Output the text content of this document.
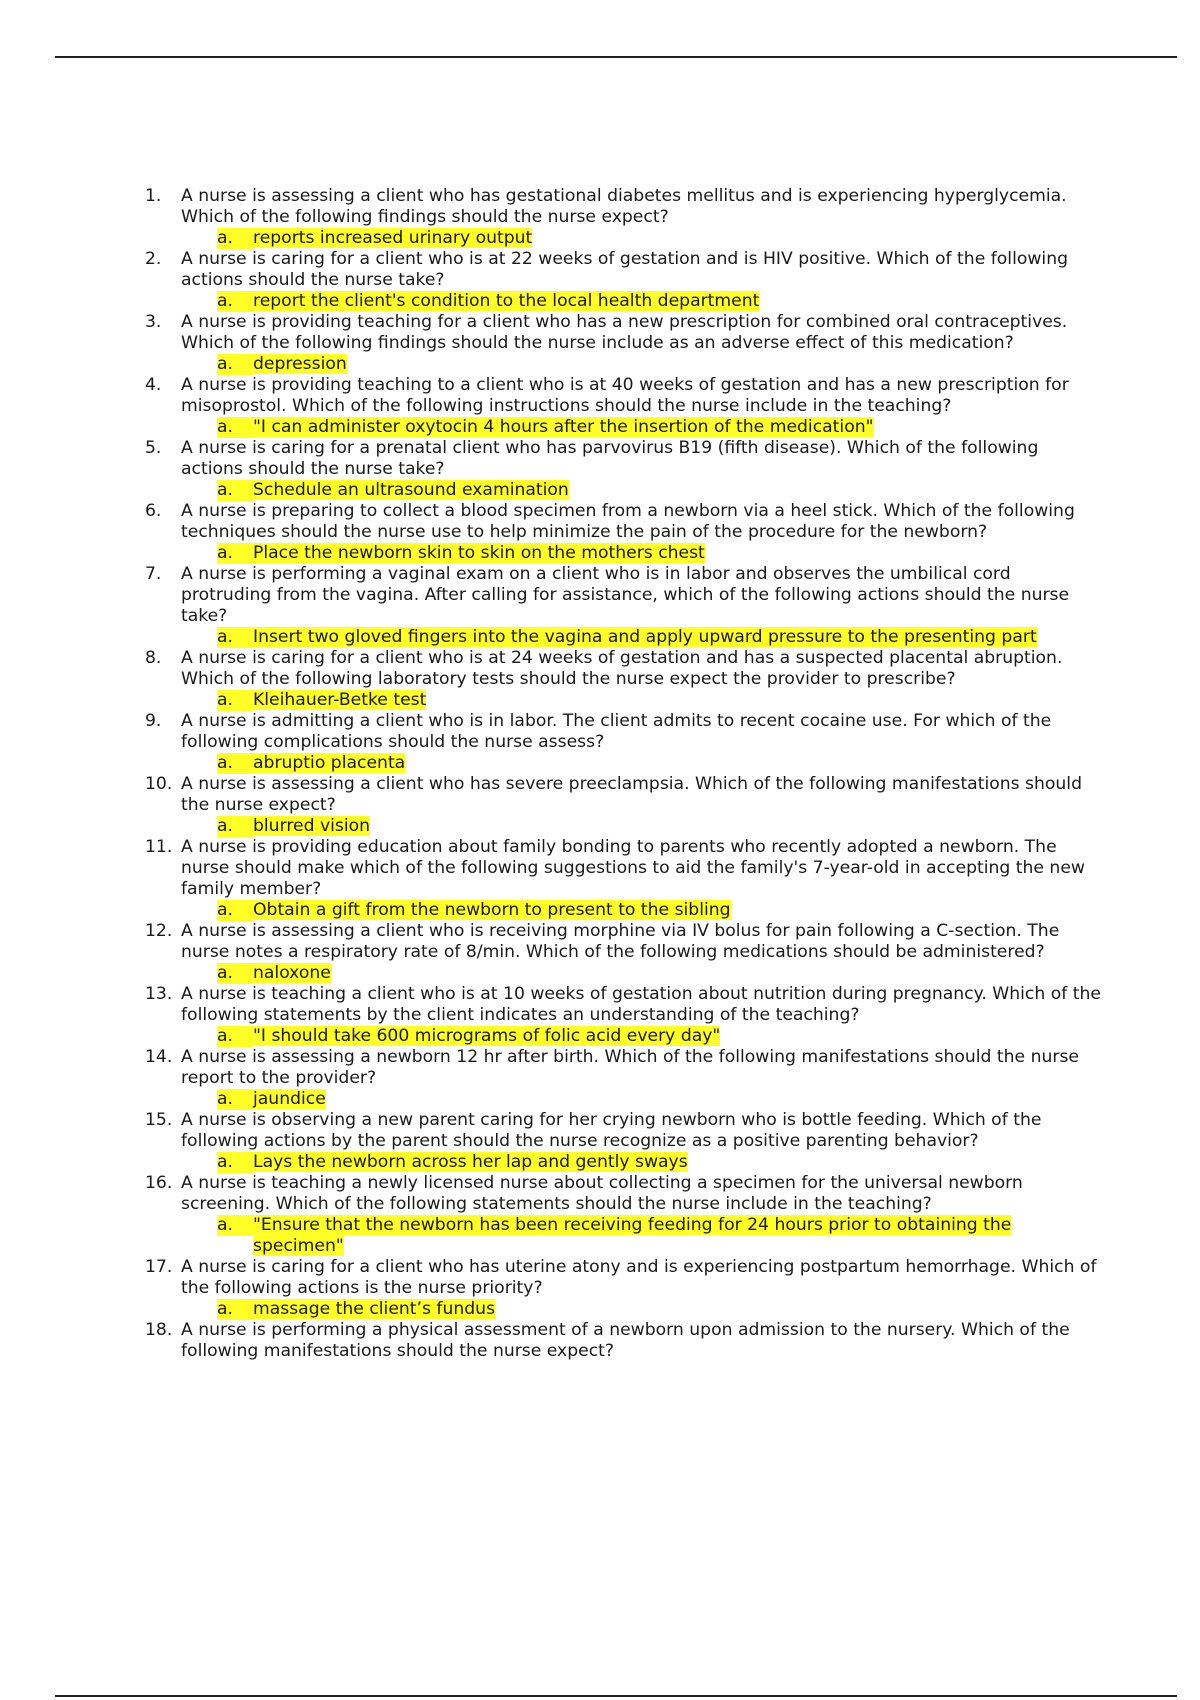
1.	A nurse is assessing a client who has gestational diabetes mellitus and is experiencing hyperglycemia. Which of the following findings should the nurse expect?
a.	reports increased urinary output
2.	A nurse is caring for a client who is at 22 weeks of gestation and is HIV positive. Which of the following actions should the nurse take?
a.	report the client's condition to the local health department
3.	A nurse is providing teaching for a client who has a new prescription for combined oral contraceptives. Which of the following findings should the nurse include as an adverse effect of this medication?
a.	depression
4.	A nurse is providing teaching to a client who is at 40 weeks of gestation and has a new prescription for misoprostol. Which of the following instructions should the nurse include in the teaching?
a.	"I can administer oxytocin 4 hours after the insertion of the medication"
5.	A nurse is caring for a prenatal client who has parvovirus B19 (fifth disease). Which of the following actions should the nurse take?
a.	Schedule an ultrasound examination
6.	A nurse is preparing to collect a blood specimen from a newborn via a heel stick. Which of the following techniques should the nurse use to help minimize the pain of the procedure for the newborn?
a.	Place the newborn skin to skin on the mothers chest
7.	A nurse is performing a vaginal exam on a client who is in labor and observes the umbilical cord protruding from the vagina. After calling for assistance, which of the following actions should the nurse take?
a.	Insert two gloved fingers into the vagina and apply upward pressure to the presenting part
8.	A nurse is caring for a client who is at 24 weeks of gestation and has a suspected placental abruption. Which of the following laboratory tests should the nurse expect the provider to prescribe?
a.	Kleihauer-Betke test
9.	A nurse is admitting a client who is in labor. The client admits to recent cocaine use. For which of the following complications should the nurse assess?
a.	abruptio placenta
10. A nurse is assessing a client who has severe preeclampsia. Which of the following manifestations should the nurse expect?
a.	blurred vision
11. A nurse is providing education about family bonding to parents who recently adopted a newborn. The nurse should make which of the following suggestions to aid the family's 7-year-old in accepting the new family member?
a.	Obtain a gift from the newborn to present to the sibling
12. A nurse is assessing a client who is receiving morphine via IV bolus for pain following a C-section. The nurse notes a respiratory rate of 8/min. Which of the following medications should be administered?
a.	naloxone
13. A nurse is teaching a client who is at 10 weeks of gestation about nutrition during pregnancy. Which of the following statements by the client indicates an understanding of the teaching?
a.	"I should take 600 micrograms of folic acid every day"
14. A nurse is assessing a newborn 12 hr after birth. Which of the following manifestations should the nurse report to the provider?
a.	jaundice
15. A nurse is observing a new parent caring for her crying newborn who is bottle feeding. Which of the following actions by the parent should the nurse recognize as a positive parenting behavior?
a.	Lays the newborn across her lap and gently sways
16. A nurse is teaching a newly licensed nurse about collecting a specimen for the universal newborn screening. Which of the following statements should the nurse include in the teaching?
a.	"Ensure that the newborn has been receiving feeding for 24 hours prior to obtaining the specimen"
17. A nurse is caring for a client who has uterine atony and is experiencing postpartum hemorrhage. Which of the following actions is the nurse priority?
a.	massage the client’s fundus
18. A nurse is performing a physical assessment of a newborn upon admission to the nursery. Which of the following manifestations should the nurse expect?
